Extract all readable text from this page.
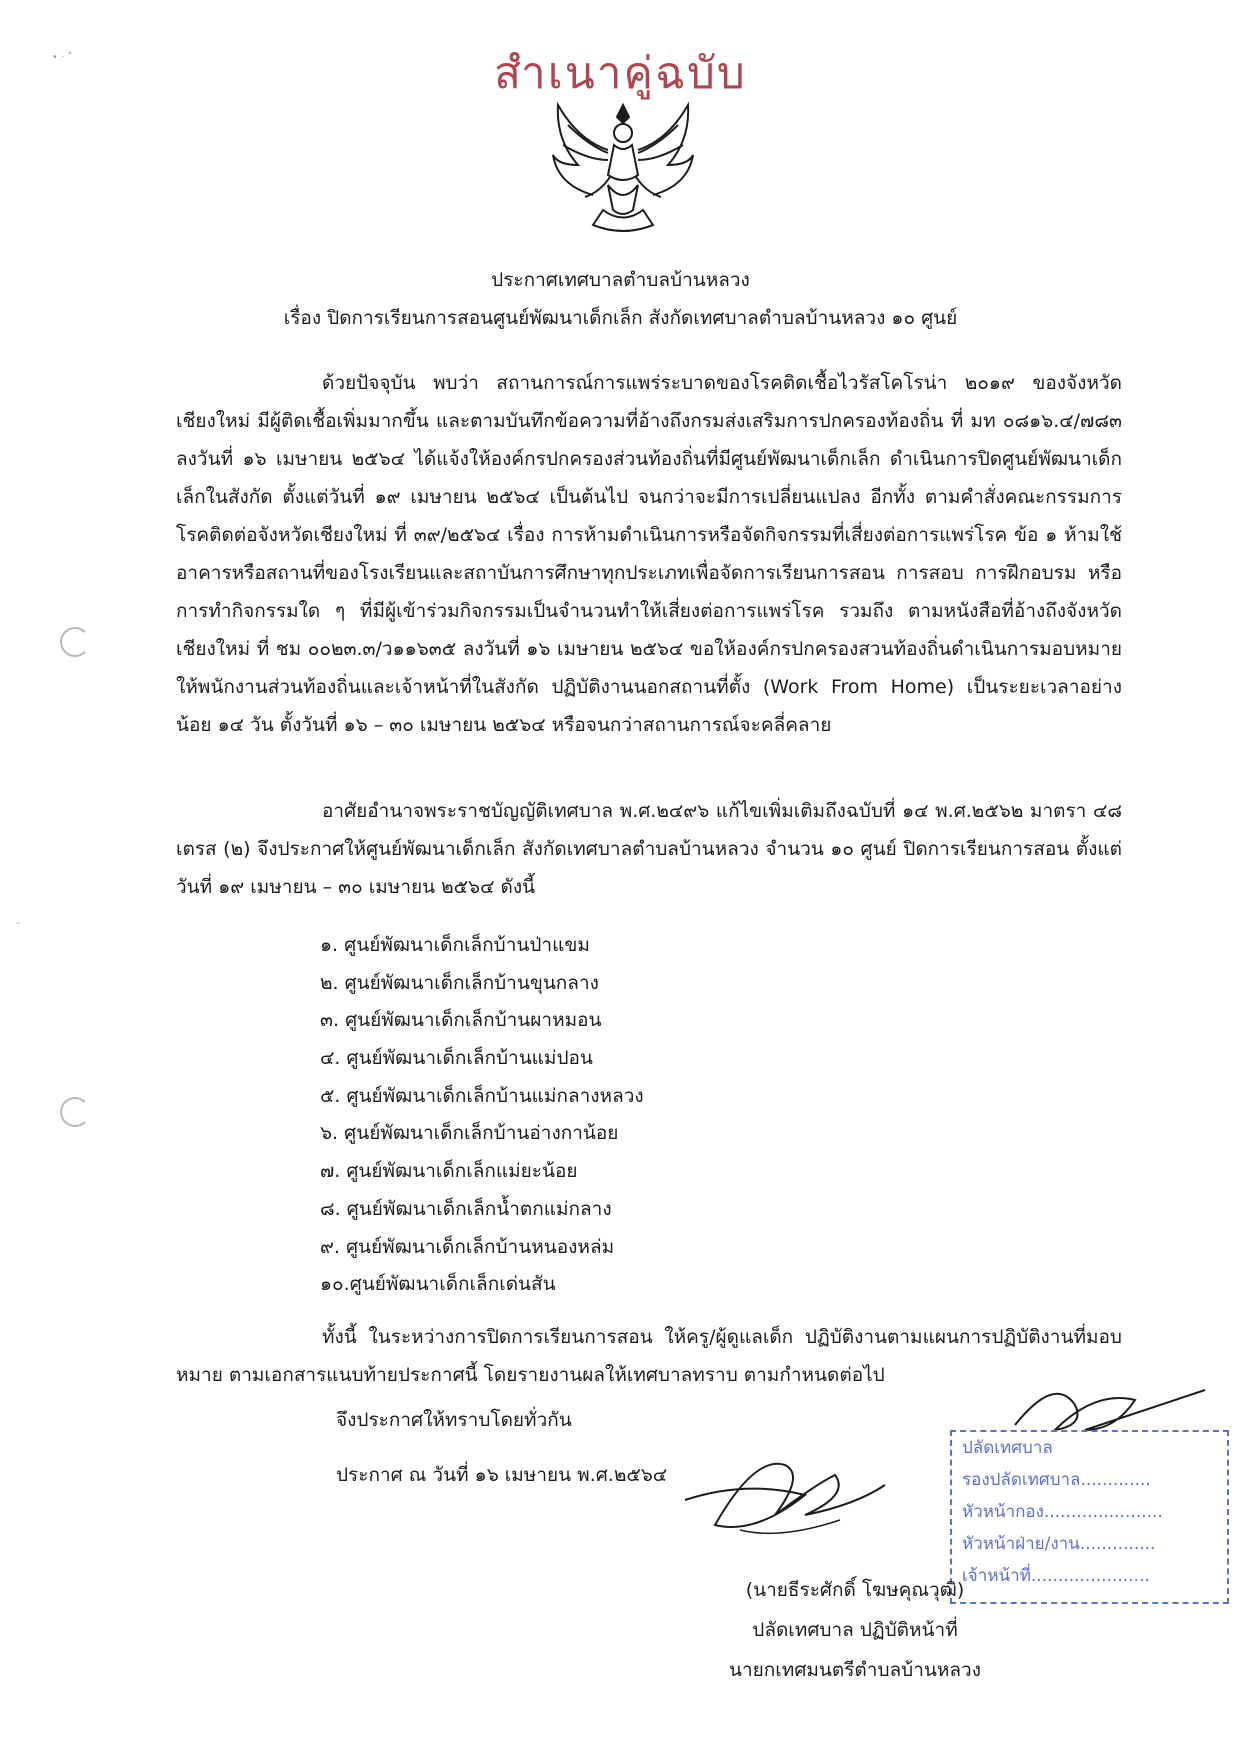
• · ˚
-
สำเนาคู่ฉบับ
ประกาศเทศบาลตำบลบ้านหลวง
เรื่อง ปิดการเรียนการสอนศูนย์พัฒนาเด็กเล็ก สังกัดเทศบาลตำบลบ้านหลวง ๑๐ ศูนย์

ด้วยปัจจุบัน พบว่า สถานการณ์การแพร่ระบาดของโรคติดเชื้อไวรัสโคโรน่า ๒๐๑๙ ของจังหวัดเชียงใหม่ มีผู้ติดเชื้อเพิ่มมากขึ้น และตามบันทึกข้อความที่อ้างถึงกรมส่งเสริมการปกครองท้องถิ่น ที่ มท ๐๘๑๖.๔/๗๘๓ ลงวันที่ ๑๖ เมษายน ๒๕๖๔ ได้แจ้งให้องค์กรปกครองส่วนท้องถิ่นที่มีศูนย์พัฒนาเด็กเล็ก ดำเนินการปิดศูนย์พัฒนาเด็กเล็กในสังกัด ตั้งแต่วันที่ ๑๙ เมษายน ๒๕๖๔ เป็นต้นไป จนกว่าจะมีการเปลี่ยนแปลง อีกทั้ง ตามคำสั่งคณะกรรมการโรคติดต่อจังหวัดเชียงใหม่ ที่ ๓๙/๒๕๖๔ เรื่อง การห้ามดำเนินการหรือจัดกิจกรรมที่เสี่ยงต่อการแพร่โรค ข้อ ๑ ห้ามใช้อาคารหรือสถานที่ของโรงเรียนและสถาบันการศึกษาทุกประเภทเพื่อจัดการเรียนการสอน การสอบ การฝึกอบรม หรือการทำกิจกรรมใด ๆ ที่มีผู้เข้าร่วมกิจกรรมเป็นจำนวนทำให้เสี่ยงต่อการแพร่โรค รวมถึง ตามหนังสือที่อ้างถึงจังหวัดเชียงใหม่ ที่ ชม ๐๐๒๓.๓/ว๑๑๖๓๕ ลงวันที่ ๑๖ เมษายน ๒๕๖๔ ขอให้องค์กรปกครองสวนท้องถิ่นดำเนินการมอบหมายให้พนักงานส่วนท้องถิ่นและเจ้าหน้าที่ในสังกัด ปฏิบัติงานนอกสถานที่ตั้ง (Work From Home) เป็นระยะเวลาอย่างน้อย ๑๔ วัน ตั้งวันที่ ๑๖ – ๓๐ เมษายน ๒๕๖๔ หรือจนกว่าสถานการณ์จะคลี่คลาย

อาศัยอำนาจพระราชบัญญัติเทศบาล พ.ศ.๒๔๙๖ แก้ไขเพิ่มเติมถึงฉบับที่ ๑๔ พ.ศ.๒๕๖๒ มาตรา ๔๘ เตรส (๒) จึงประกาศให้ศูนย์พัฒนาเด็กเล็ก สังกัดเทศบาลตำบลบ้านหลวง จำนวน ๑๐ ศูนย์ ปิดการเรียนการสอน ตั้งแต่วันที่ ๑๙ เมษายน – ๓๐ เมษายน ๒๕๖๔ ดังนี้

๑. ศูนย์พัฒนาเด็กเล็กบ้านป่าแขม
๒. ศูนย์พัฒนาเด็กเล็กบ้านขุนกลาง
๓. ศูนย์พัฒนาเด็กเล็กบ้านผาหมอน
๔. ศูนย์พัฒนาเด็กเล็กบ้านแม่ปอน
๕. ศูนย์พัฒนาเด็กเล็กบ้านแม่กลางหลวง
๖. ศูนย์พัฒนาเด็กเล็กบ้านอ่างกาน้อย
๗. ศูนย์พัฒนาเด็กเล็กแม่ยะน้อย
๘. ศูนย์พัฒนาเด็กเล็กน้ำตกแม่กลาง
๙. ศูนย์พัฒนาเด็กเล็กบ้านหนองหล่ม
๑๐.ศูนย์พัฒนาเด็กเล็กเด่นสัน

ทั้งนี้ ในระหว่างการปิดการเรียนการสอน ให้ครู/ผู้ดูแลเด็ก ปฏิบัติงานตามแผนการปฏิบัติงานที่มอบหมาย ตามเอกสารแนบท้ายประกาศนี้ โดยรายงานผลให้เทศบาลทราบ ตามกำหนดต่อไป

จึงประกาศให้ทราบโดยทั่วกัน
ประกาศ ณ วันที่ ๑๖ เมษายน พ.ศ.๒๕๖๔
ปลัดเทศบาล
รองปลัดเทศบาล.............
หัวหน้ากอง......................
หัวหน้าฝ่าย/งาน..............
เจ้าหน้าที่......................
(นายธีระศักดิ์ โฆษคุณวุฒิ)
ปลัดเทศบาล ปฏิบัติหน้าที่
นายกเทศมนตรีตำบลบ้านหลวง
